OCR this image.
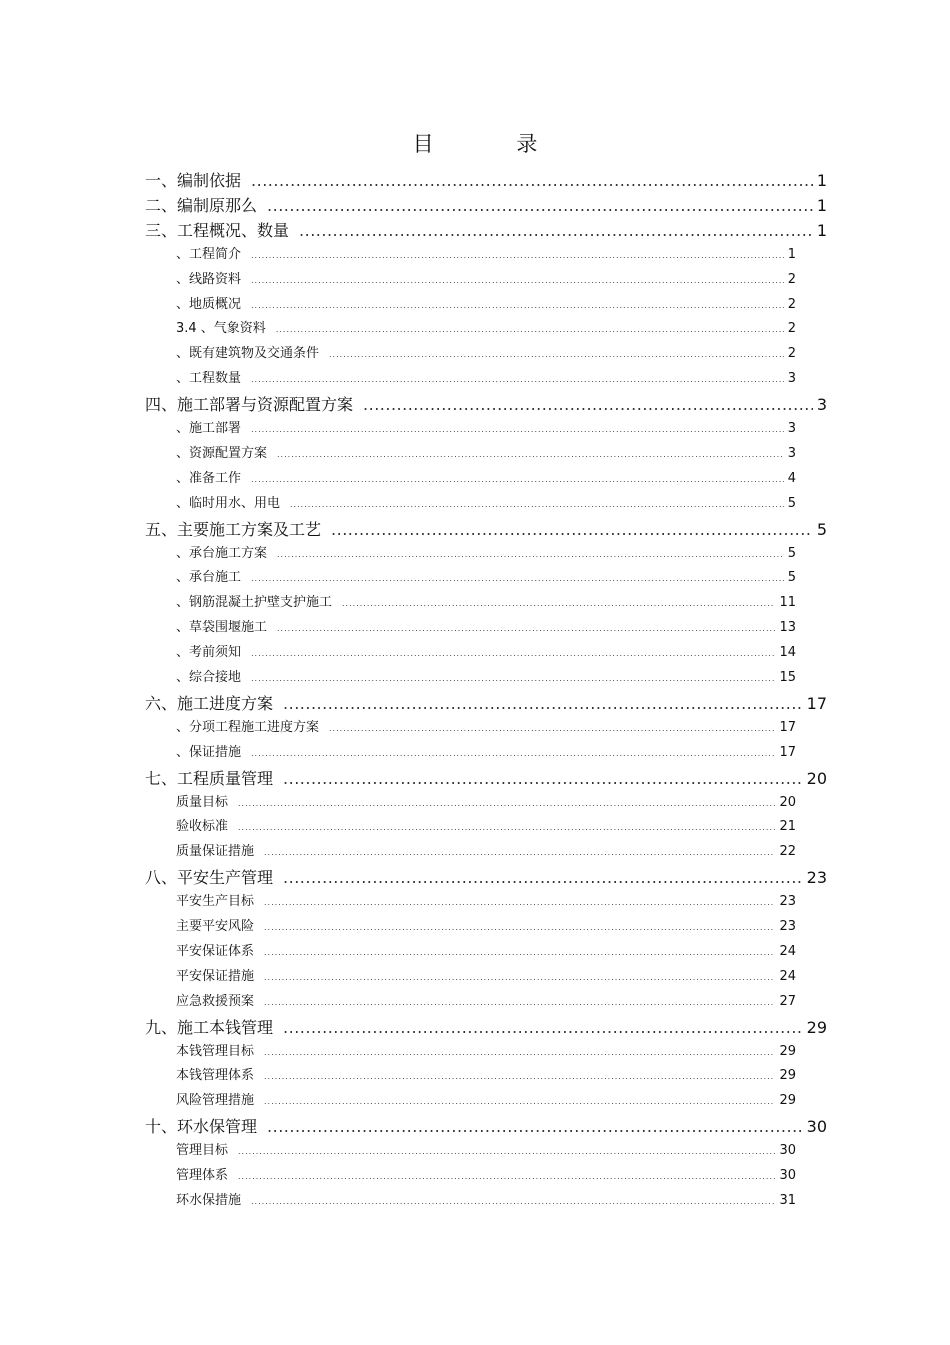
目 录
一、编制依据 .....	1
二、编制原那么 .....	1
三、工程概况、数量 .....	1
、工程简介 .....	1
、线路资料 .....	2
、地质概况 .....	2
3.4 、气象资料 .....	2
、既有建筑物及交通条件 .....	2
、工程数量 .....	3
四、施工部署与资源配置方案 .....	3
、施工部署 .....	3
、资源配置方案 .....	3
、准备工作 .....	4
、临时用水、用电 .....	5
五、主要施工方案及工艺 .....	5
、承台施工方案 .....	5
、承台施工 .....	5
、钢筋混凝土护壁支护施工 .....	11
、草袋围堰施工 .....	13
、考前须知 .....	14
、综合接地 .....	15
六、施工进度方案 .....	17
、分项工程施工进度方案 .....	17
、保证措施 .....	17
七、工程质量管理 .....	20
质量目标 .....	20
验收标准 .....	21
质量保证措施 .....	22
八、平安生产管理 .....	23
平安生产目标 .....	23
主要平安风险 .....	23
平安保证体系 .....	24
平安保证措施 .....	24
应急救援预案 .....	27
九、施工本钱管理 .....	29
本钱管理目标 .....	29
本钱管理体系 .....	29
风险管理措施 .....	29
十、环水保管理 .....	30
管理目标 .....	30
管理体系 .....	30
环水保措施 .....	31
